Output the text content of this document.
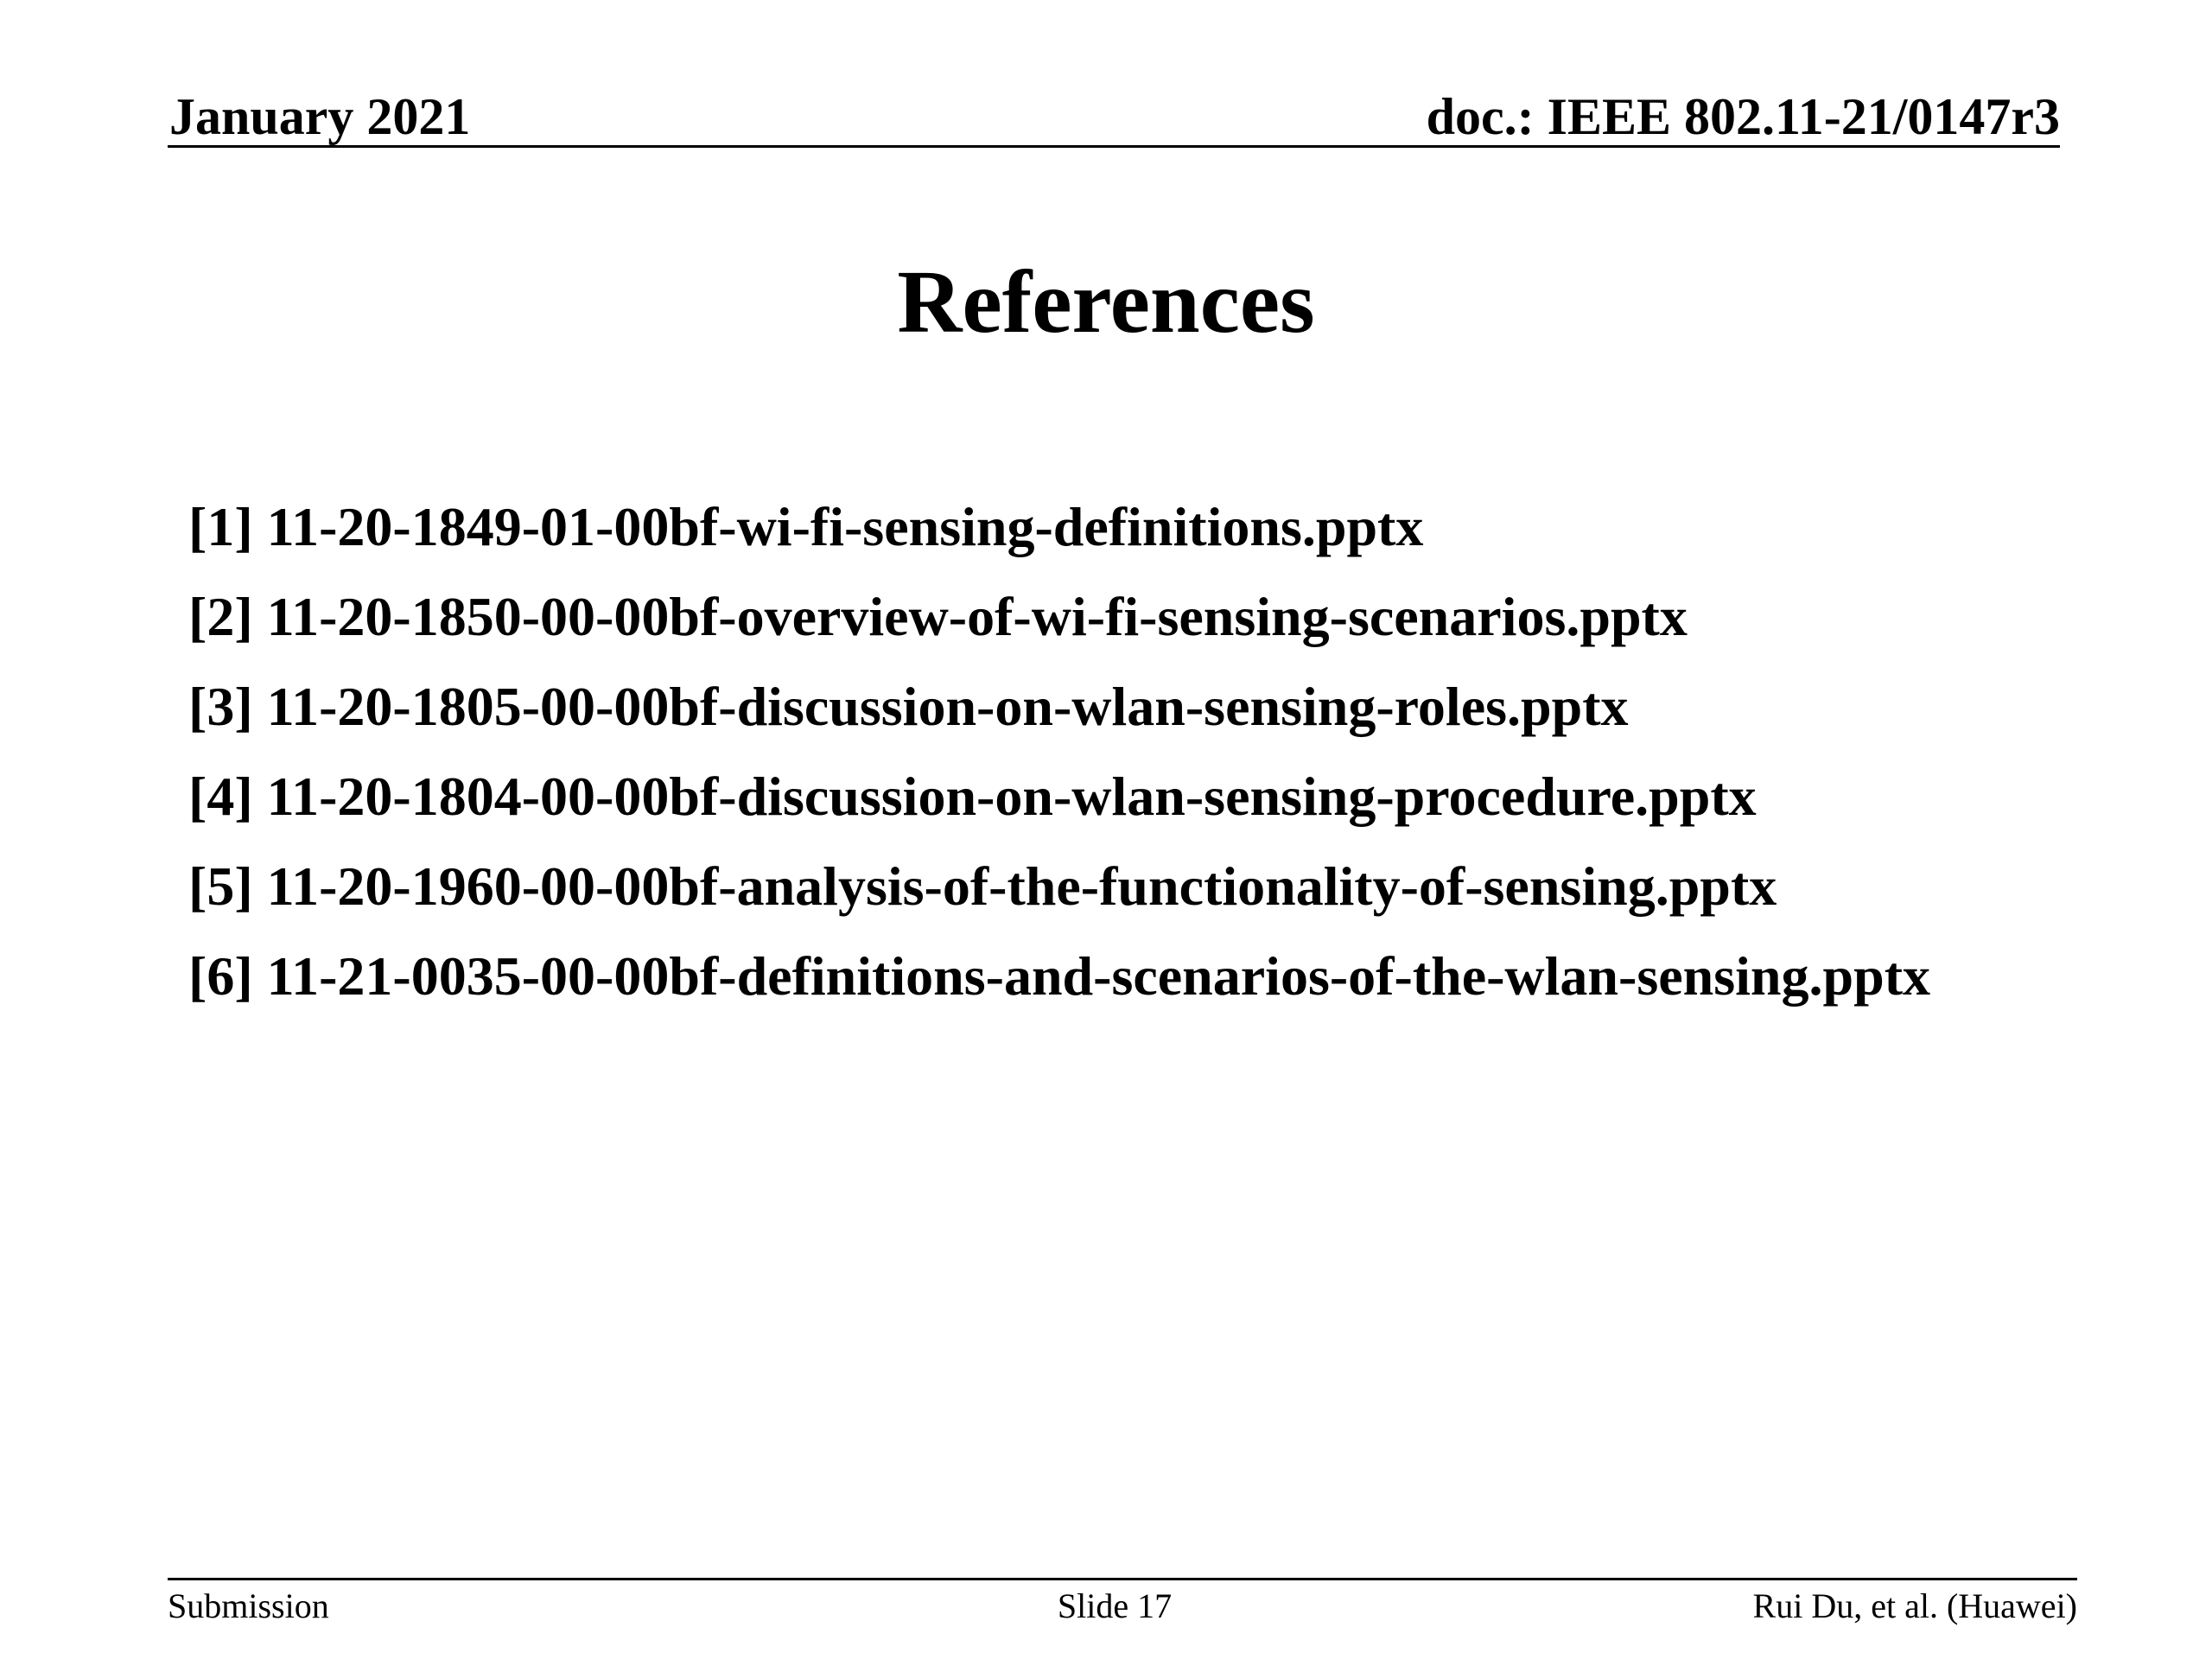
January 2021	doc.: IEEE 802.11-21/0147r3
References
[1] 11-20-1849-01-00bf-wi-fi-sensing-definitions.pptx
[2] 11-20-1850-00-00bf-overview-of-wi-fi-sensing-scenarios.pptx
[3] 11-20-1805-00-00bf-discussion-on-wlan-sensing-roles.pptx
[4] 11-20-1804-00-00bf-discussion-on-wlan-sensing-procedure.pptx
[5] 11-20-1960-00-00bf-analysis-of-the-functionality-of-sensing.pptx
[6] 11-21-0035-00-00bf-definitions-and-scenarios-of-the-wlan-sensing.pptx
Submission	Slide 17	Rui Du, et al. (Huawei)
